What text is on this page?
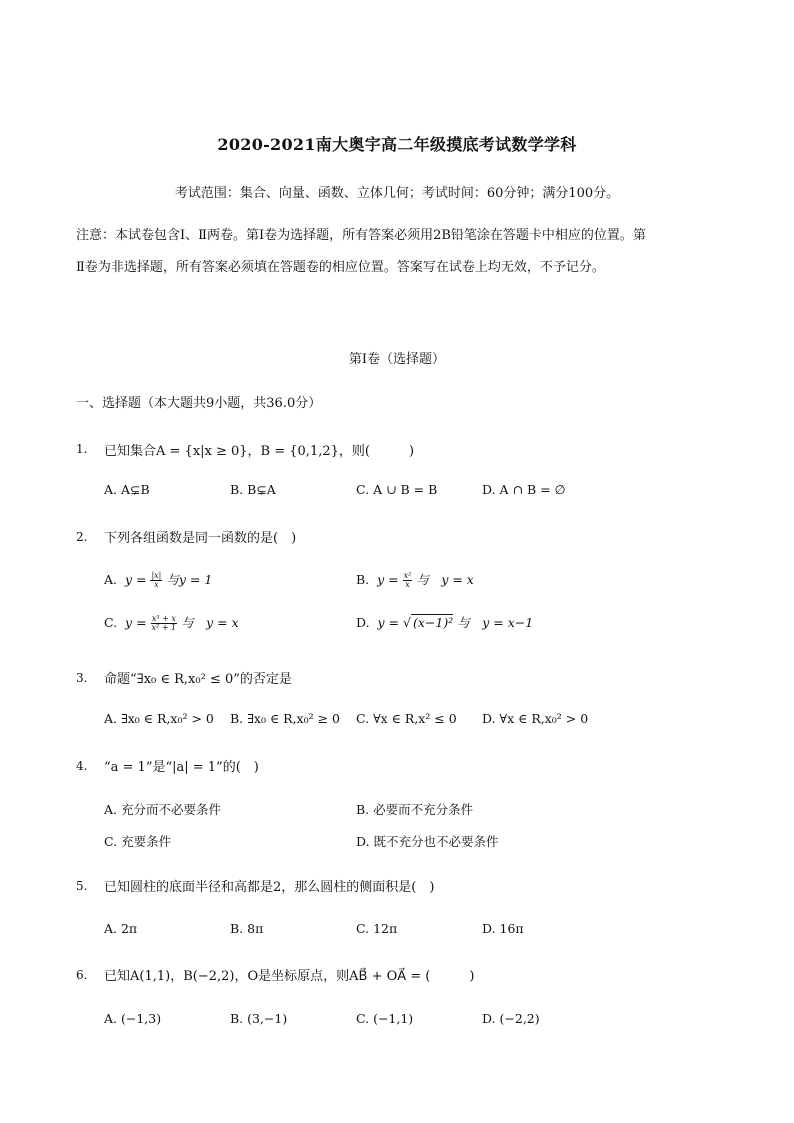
2020-2021南大奥宇高二年级摸底考试数学学科
考试范围：集合、向量、函数、立体几何；考试时间：60分钟；满分100分。
注意：本试卷包含Ⅰ、Ⅱ两卷。第Ⅰ卷为选择题，所有答案必须用2B铅笔涂在答题卡中相应的位置。第
Ⅱ卷为非选择题，所有答案必须填在答题卷的相应位置。答案写在试卷上均无效，不予记分。
第Ⅰ卷（选择题）
一、选择题（本大题共9小题，共36.0分）
1. 已知集合A = {x|x ≥ 0}，B = {0,1,2}，则(　　　)
A. A⊊B	B. B⊊A	C. A ∪ B = B	D. A ∩ B = ∅
2. 下列各组函数是同一函数的是(　)
A. $y = \frac{|x|}{x}$ 与y = 1	B. $y = \frac{\text{x²}}{x}$ 与　y = x
C. $y = \frac{\text{x³ + x}}{\text{x² + 1}}$ 与　y = x	D. y = √ (x−1)² 与　y = x−1
3. 命题“∃x₀ ∈ R,x₀² ≤ 0”的否定是
A. ∃x₀ ∈ R,x₀² > 0 B. ∃x₀ ∈ R,x₀² ≥ 0 C. ∀x ∈ R,x² ≤ 0 D. ∀x ∈ R,x₀² > 0
4. “a = 1”是“|a| = 1”的(　)
A. 充分而不必要条件	B. 必要而不充分条件
C. 充要条件	D. 既不充分也不必要条件
5. 已知圆柱的底面半径和高都是2，那么圆柱的侧面积是(　)
A. 2π	B. 8π	C. 12π	D. 16π
6. 已知A(1,1)，B(−2,2)，O是坐标原点，则AB⃗ + OA⃗ = (　　　)
A. (−1,3)	B. (3,−1)	C. (−1,1)	D. (−2,2)
